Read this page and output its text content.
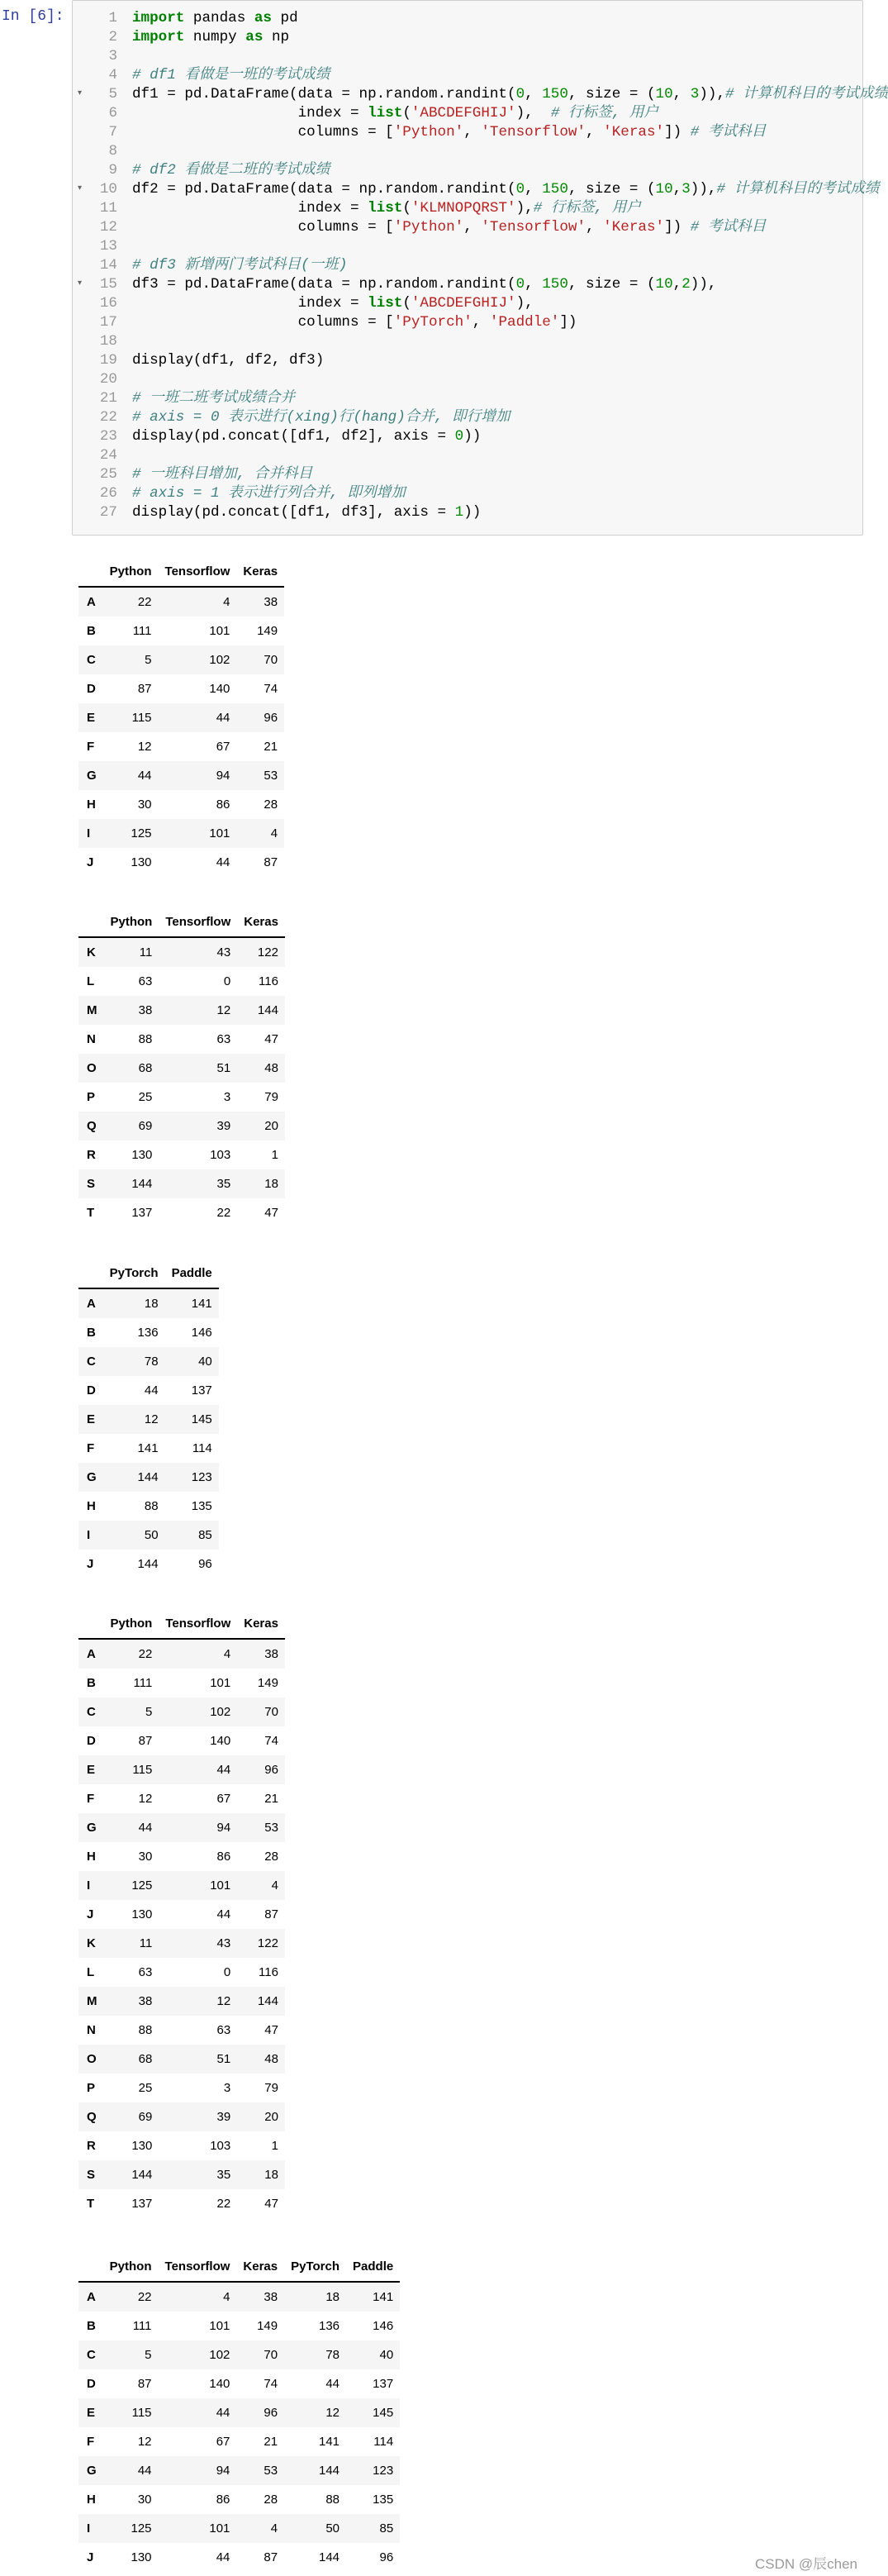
In [6]:	1 import pandas as pd
2 import numpy as np
3
4 # df1 看做是一班的考试成绩
5 df1 = pd.DataFrame(data = np.random.randint(0, 150, size = (10, 3)),# 计算机科目的考试成绩
6                   index = list('ABCDEFGHIJ'),  # 行标签, 用户
7                   columns = ['Python', 'Tensorflow', 'Keras']) # 考试科目
8
9 # df2 看做是二班的考试成绩
10 df2 = pd.DataFrame(data = np.random.randint(0, 150, size = (10,3)),# 计算机科目的考试成绩
11                   index = list('KLMNOPQRST'),# 行标签, 用户
12                   columns = ['Python', 'Tensorflow', 'Keras']) # 考试科目
13
14 # df3 新增两门考试科目(一班)
15 df3 = pd.DataFrame(data = np.random.randint(0, 150, size = (10,2)),
16                   index = list('ABCDEFGHIJ'),
17                   columns = ['PyTorch', 'Paddle'])
18
19 display(df1, df2, df3)
20
21 # 一班二班考试成绩合并
22 # axis = 0 表示进行(xing)行(hang)合并, 即行增加
23 display(pd.concat([df1, df2], axis = 0))
24
25 # 一班科目增加, 合并科目
26 # axis = 1 表示进行列合并, 即列增加
27 display(pd.concat([df1, df3], axis = 1))
▾
▾
▾
	Python	Tensorflow	Keras
A	22	4	38
B	111	101	149
C	5	102	70
D	87	140	74
E	115	44	96
F	12	67	21
G	44	94	53
H	30	86	28
I	125	101	4
J	130	44	87
	Python	Tensorflow	Keras
K	11	43	122
L	63	0	116
M	38	12	144
N	88	63	47
O	68	51	48
P	25	3	79
Q	69	39	20
R	130	103	1
S	144	35	18
T	137	22	47
	PyTorch	Paddle
A	18	141
B	136	146
C	78	40
D	44	137
E	12	145
F	141	114
G	144	123
H	88	135
I	50	85
J	144	96
	Python	Tensorflow	Keras
A	22	4	38
B	111	101	149
C	5	102	70
D	87	140	74
E	115	44	96
F	12	67	21
G	44	94	53
H	30	86	28
I	125	101	4
J	130	44	87
K	11	43	122
L	63	0	116
M	38	12	144
N	88	63	47
O	68	51	48
P	25	3	79
Q	69	39	20
R	130	103	1
S	144	35	18
T	137	22	47
	Python	Tensorflow	Keras	PyTorch	Paddle
A	22	4	38	18	141
B	111	101	149	136	146
C	5	102	70	78	40
D	87	140	74	44	137
E	115	44	96	12	145
F	12	67	21	141	114
G	44	94	53	144	123
H	30	86	28	88	135
I	125	101	4	50	85
J	130	44	87	144	96	CSDN @辰chen
